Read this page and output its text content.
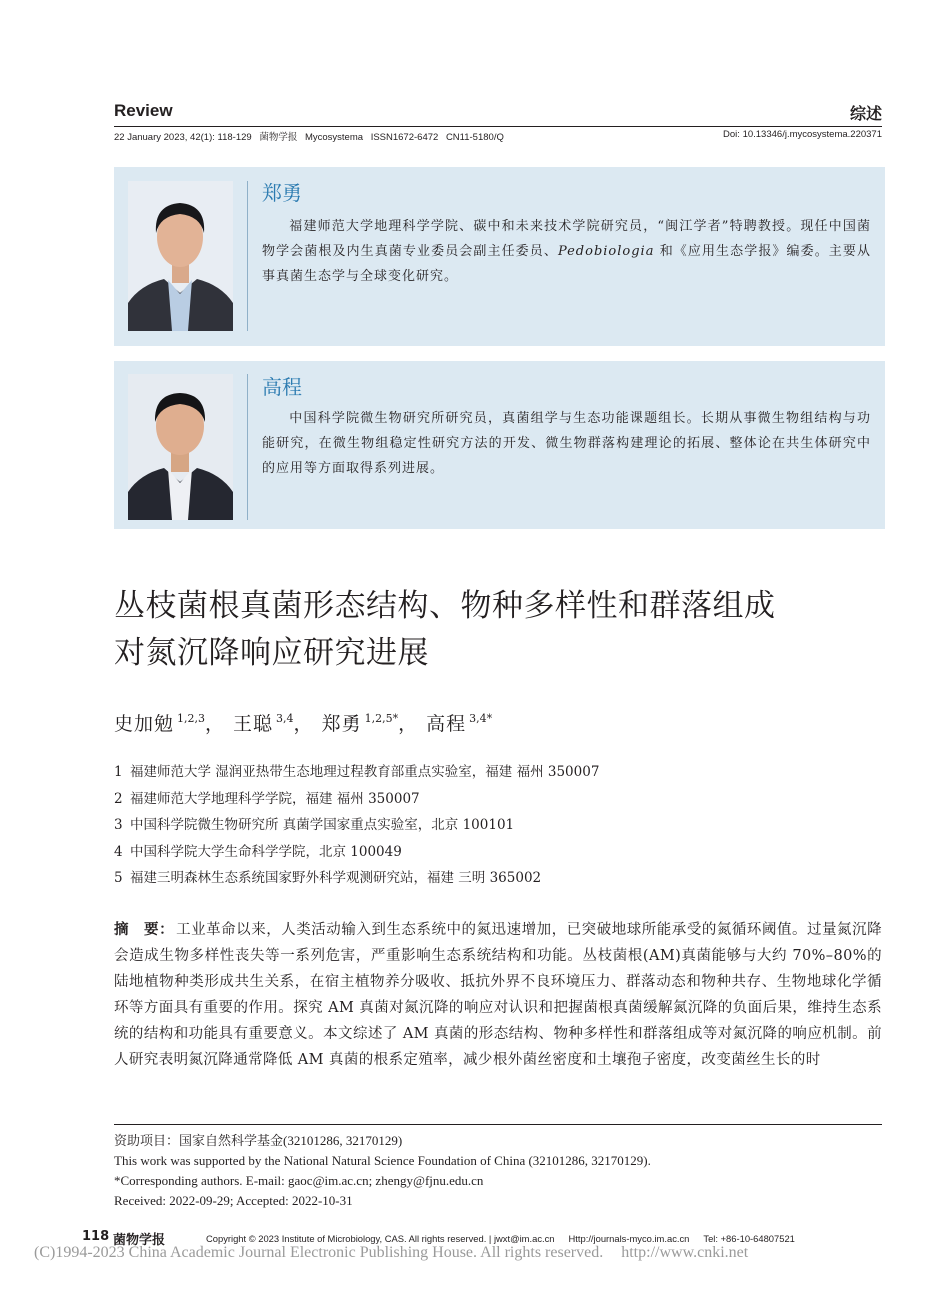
Review	综述
22 January 2023, 42(1): 118-129 菌物学报 Mycosystema ISSN1672-6472 CN11-5180/Q	Doi: 10.13346/j.mycosystema.220371
郑勇
福建师范大学地理科学学院、碳中和未来技术学院研究员，“闽江学者”特聘教授。现任中国菌物学会菌根及内生真菌专业委员会副主任委员、Pedobiologia 和《应用生态学报》编委。主要从事真菌生态学与全球变化研究。
高程
中国科学院微生物研究所研究员，真菌组学与生态功能课题组长。长期从事微生物组结构与功能研究，在微生物组稳定性研究方法的开发、微生物群落构建理论的拓展、整体论在共生体研究中的应用等方面取得系列进展。
丛枝菌根真菌形态结构、物种多样性和群落组成
对氮沉降响应研究进展
史加勉 $^{1,2,3}$， 王聪 $^{3,4}$， 郑勇 $^{1,2,5*}$， 高程 $^{3,4*}$
1 福建师范大学 湿润亚热带生态地理过程教育部重点实验室，福建 福州 350007
2 福建师范大学地理科学学院，福建 福州 350007
3 中国科学院微生物研究所 真菌学国家重点实验室，北京 100101
4 中国科学院大学生命科学学院，北京 100049
5 福建三明森林生态系统国家野外科学观测研究站，福建 三明 365002
摘　要： 工业革命以来，人类活动输入到生态系统中的氮迅速增加，已突破地球所能承受的氮循环阈值。过量氮沉降会造成生物多样性丧失等一系列危害，严重影响生态系统结构和功能。丛枝菌根(AM)真菌能够与大约 70%–80%的陆地植物种类形成共生关系，在宿主植物养分吸收、抵抗外界不良环境压力、群落动态和物种共存、生物地球化学循环等方面具有重要的作用。探究 AM 真菌对氮沉降的响应对认识和把握菌根真菌缓解氮沉降的负面后果，维持生态系统的结构和功能具有重要意义。本文综述了 AM 真菌的形态结构、物种多样性和群落组成等对氮沉降的响应机制。前人研究表明氮沉降通常降低 AM 真菌的根系定殖率，减少根外菌丝密度和土壤孢子密度，改变菌丝生长的时
资助项目：国家自然科学基金(32101286, 32170129)
This work was supported by the National Natural Science Foundation of China (32101286, 32170129).
*Corresponding authors. E-mail: gaoc@im.ac.cn; zhengy@fjnu.edu.cn
Received: 2022-09-29; Accepted: 2022-10-31
118 菌物学报	Copyright © 2023 Institute of Microbiology, CAS. All rights reserved. | jwxt@im.ac.cn Http://journals-myco.im.ac.cn Tel: +86-10-64807521
(C)1994-2023 China Academic Journal Electronic Publishing House. All rights reserved. http://www.cnki.net
